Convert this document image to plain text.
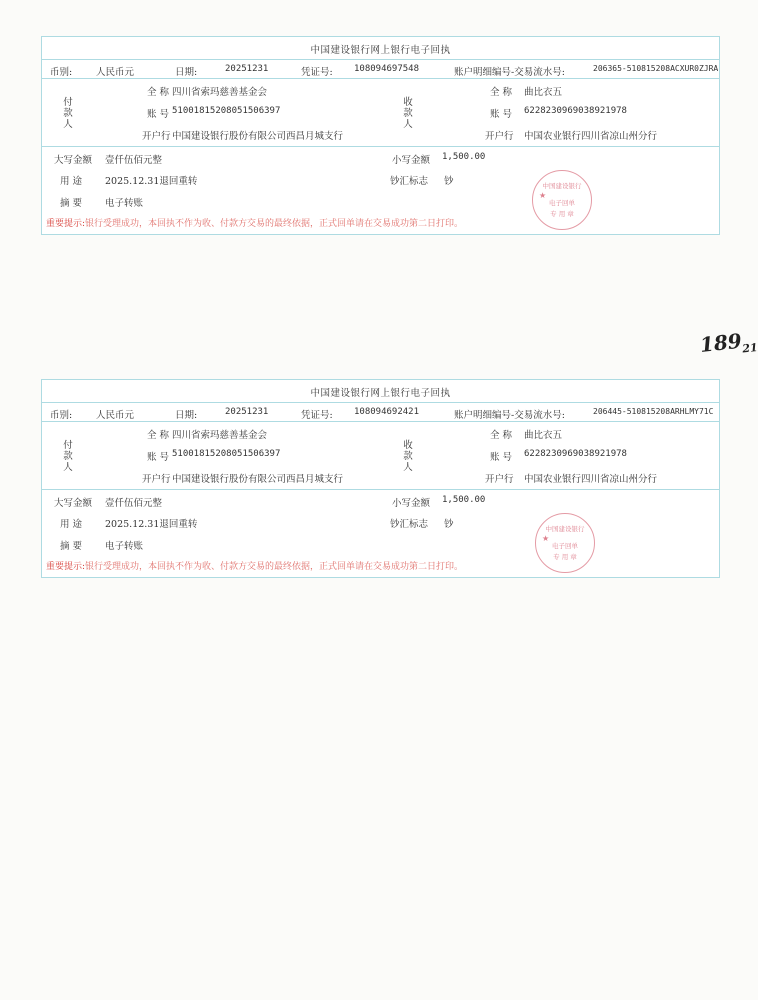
中国建设银行网上银行电子回执
币别:	人民币元	日期:	20251231	凭证号: 108094697548	账户明细编号-交易流水号:	206365-510815208ACXUR0ZJRA
付
款
人
全 称 四川省索玛慈善基金会
账 号 51001815208051506397
开户行 中国建设银行股份有限公司西昌月城支行
收
款
人
全 称 曲比衣五
账 号 6228230969038921978
开户行 中国农业银行四川省凉山州分行
大写金额 壹仟伍佰元整	小写金额 1,500.00
用 途 2025.12.31退回重转	钞汇标志 钞
摘 要 电子转账
重要提示:银行受理成功，本回执不作为收、付款方交易的最终依据，正式回单请在交易成功第二日打印。
中国建设银行
★
电子回单
专 用 章
$189_{21}$
中国建设银行网上银行电子回执
币别:	人民币元	日期:	20251231	凭证号: 108094692421	账户明细编号-交易流水号:	206445-510815208ARHLMY71C
付
款
人
全 称 四川省索玛慈善基金会
账 号 51001815208051506397
开户行 中国建设银行股份有限公司西昌月城支行
收
款
人
全 称 曲比衣五
账 号 6228230969038921978
开户行 中国农业银行四川省凉山州分行
大写金额 壹仟伍佰元整	小写金额 1,500.00
用 途 2025.12.31退回重转	钞汇标志 钞
摘 要 电子转账
重要提示:银行受理成功，本回执不作为收、付款方交易的最终依据，正式回单请在交易成功第二日打印。
中国建设银行
★
电子回单
专 用 章
